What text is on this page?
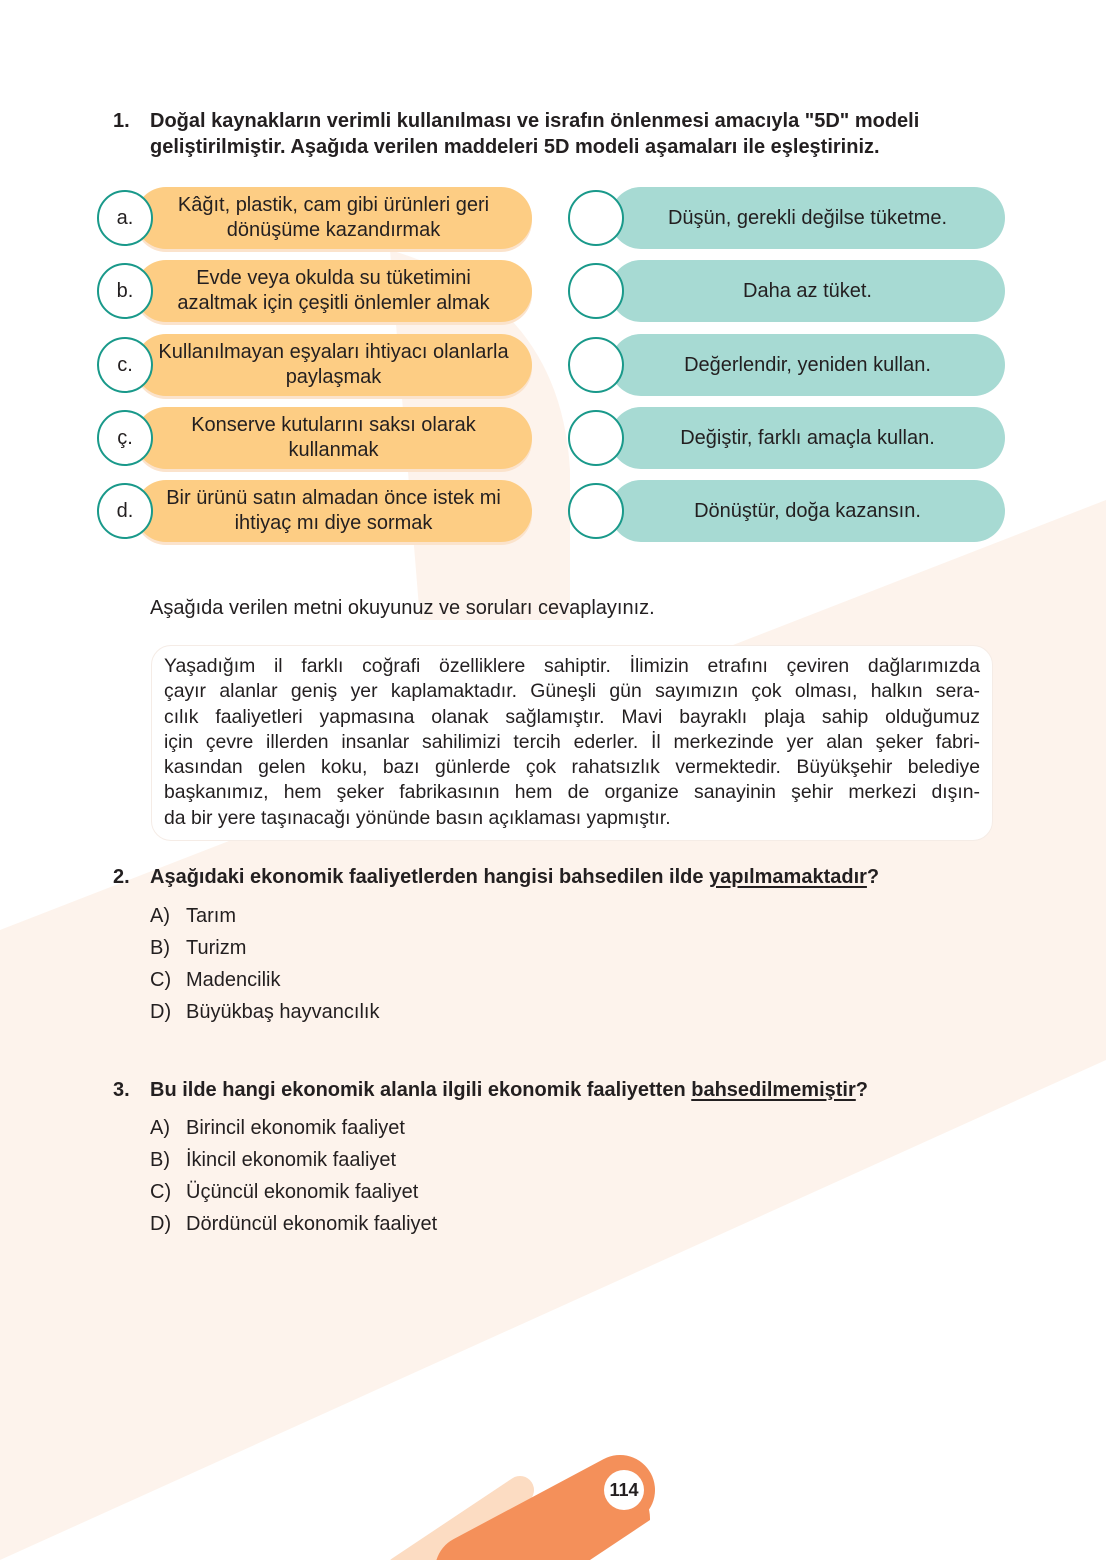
1. Doğal kaynakların verimli kullanılması ve israfın önlenmesi amacıyla "5D" modeli geliştirilmiştir. Aşağıda verilen maddeleri 5D modeli aşamaları ile eşleştiriniz.
a.
Kâğıt, plastik, cam gibi ürünleri geri dönüşüme kazandırmak
b.
Evde veya okulda su tüketimini azaltmak için çeşitli önlemler almak
c.
Kullanılmayan eşyaları ihtiyacı olanlarla paylaşmak
ç.
Konserve kutularını saksı olarak kullanmak
d.
Bir ürünü satın almadan önce istek mi ihtiyaç mı diye sormak
Düşün, gerekli değilse tüketme.
Daha az tüket.
Değerlendir, yeniden kullan.
Değiştir, farklı amaçla kullan.
Dönüştür, doğa kazansın.
Aşağıda verilen metni okuyunuz ve soruları cevaplayınız.
Yaşadığım il farklı coğrafi özelliklere sahiptir. İlimizin etrafını çeviren dağlarımızda
çayır alanlar geniş yer kaplamaktadır. Güneşli gün sayımızın çok olması, halkın sera-
cılık faaliyetleri yapmasına olanak sağlamıştır. Mavi bayraklı plaja sahip olduğumuz
için çevre illerden insanlar sahilimizi tercih ederler. İl merkezinde yer alan şeker fabri-
kasından gelen koku, bazı günlerde çok rahatsızlık vermektedir. Büyükşehir belediye
başkanımız, hem şeker fabrikasının hem de organize sanayinin şehir merkezi dışın-
da bir yere taşınacağı yönünde basın açıklaması yapmıştır.
2. Aşağıdaki ekonomik faaliyetlerden hangisi bahsedilen ilde yapılmamaktadır?
A) Tarım
B) Turizm
C) Madencilik
D) Büyükbaş hayvancılık
3. Bu ilde hangi ekonomik alanla ilgili ekonomik faaliyetten bahsedilmemiştir?
A) Birincil ekonomik faaliyet
B) İkincil ekonomik faaliyet
C) Üçüncül ekonomik faaliyet
D) Dördüncül ekonomik faaliyet
114
